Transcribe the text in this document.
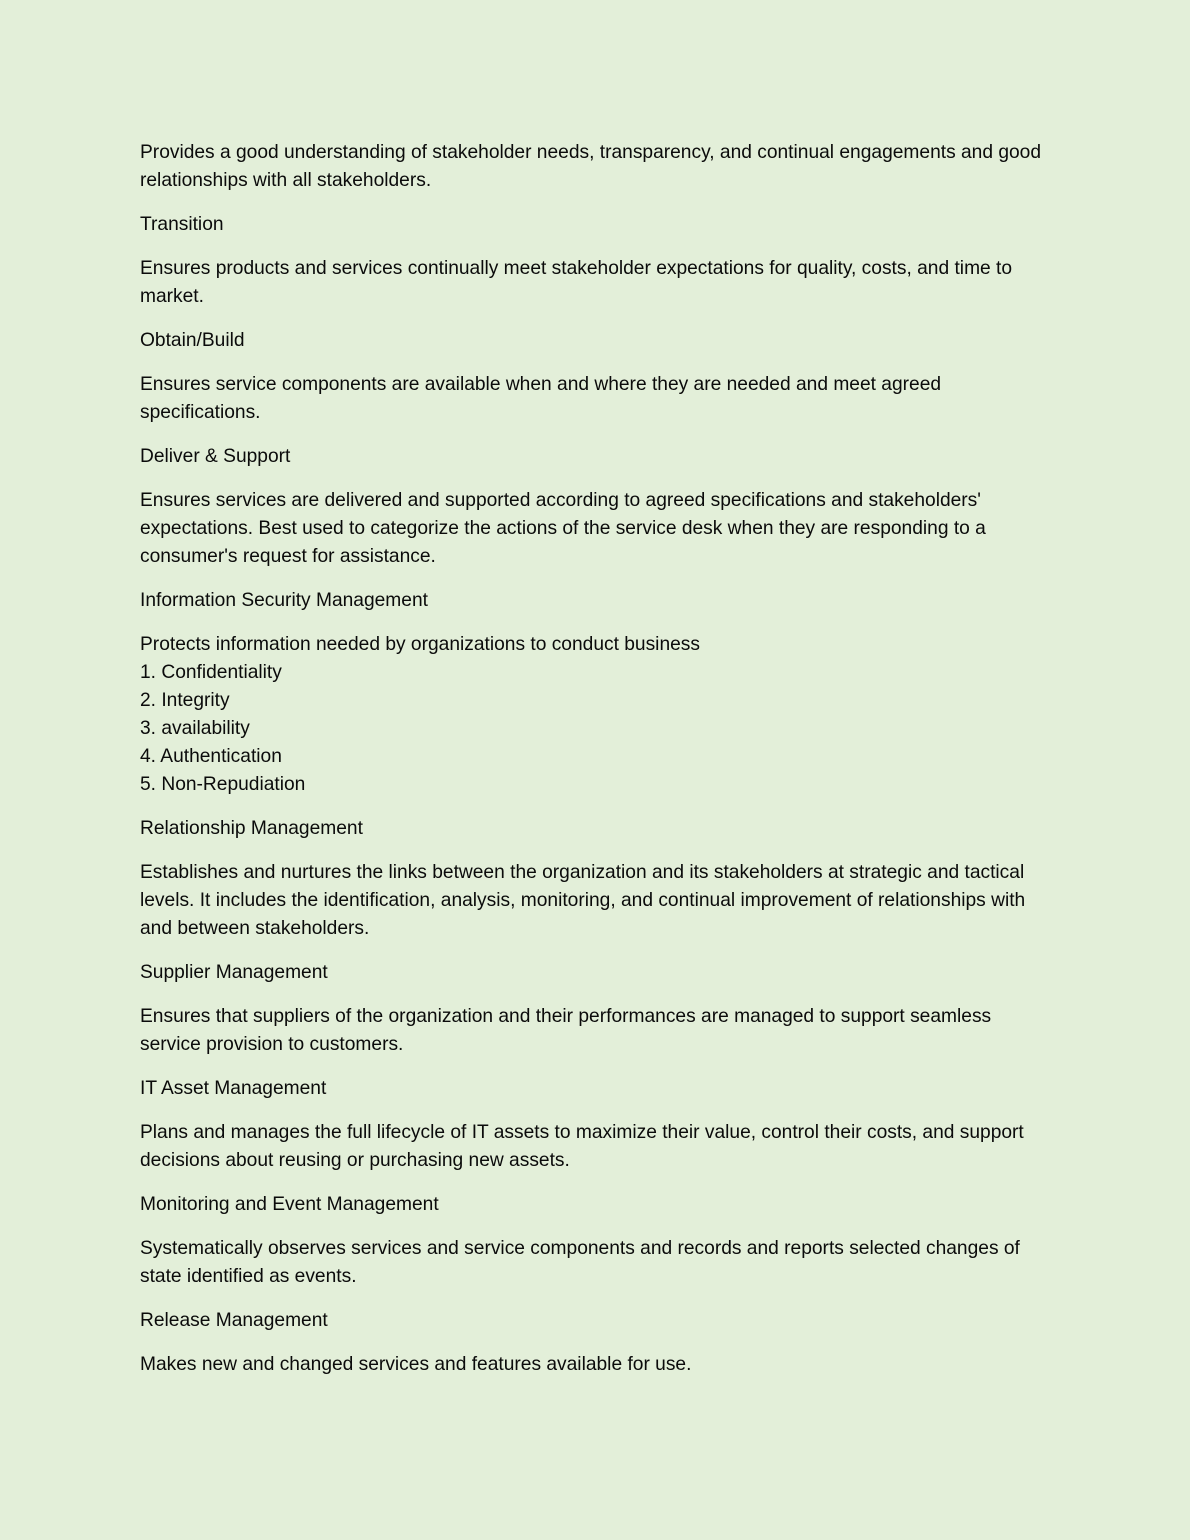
Provides a good understanding of stakeholder needs, transparency, and continual engagements and good relationships with all stakeholders.

Transition

Ensures products and services continually meet stakeholder expectations for quality, costs, and time to market.

Obtain/Build

Ensures service components are available when and where they are needed and meet agreed specifications.

Deliver & Support

Ensures services are delivered and supported according to agreed specifications and stakeholders' expectations. Best used to categorize the actions of the service desk when they are responding to a consumer's request for assistance.

Information Security Management

Protects information needed by organizations to conduct business

1. Confidentiality
2. Integrity
3. availability
4. Authentication
5. Non-Repudiation

Relationship Management

Establishes and nurtures the links between the organization and its stakeholders at strategic and tactical levels. It includes the identification, analysis, monitoring, and continual improvement of relationships with and between stakeholders.

Supplier Management

Ensures that suppliers of the organization and their performances are managed to support seamless service provision to customers.

IT Asset Management

Plans and manages the full lifecycle of IT assets to maximize their value, control their costs, and support decisions about reusing or purchasing new assets.

Monitoring and Event Management

Systematically observes services and service components and records and reports selected changes of state identified as events.

Release Management

Makes new and changed services and features available for use.
